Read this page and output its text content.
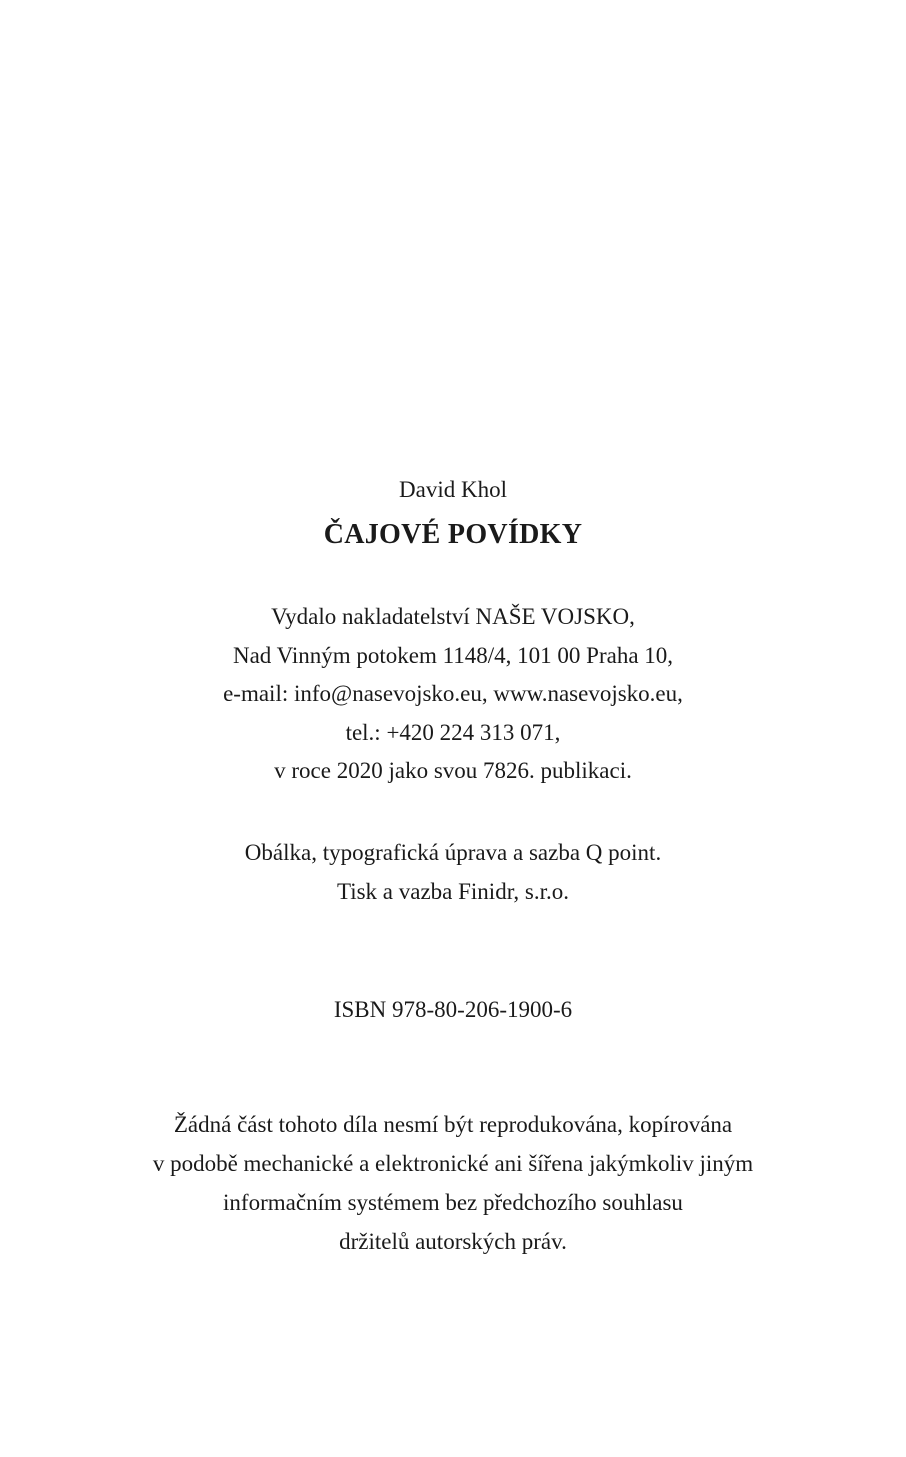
David Khol
ČAJOVÉ POVÍDKY
Vydalo nakladatelství NAŠE VOJSKO,
Nad Vinným potokem 1148/4, 101 00 Praha 10,
e-mail: info@nasevojsko.eu, www.nasevojsko.eu,
tel.: +420 224 313 071,
v roce 2020 jako svou 7826. publikaci.
Obálka, typografická úprava a sazba Q point.
Tisk a vazba Finidr, s.r.o.
ISBN 978-80-206-1900-6
Žádná část tohoto díla nesmí být reprodukována, kopírována
v podobě mechanické a elektronické ani šířena jakýmkoliv jiným
informačním systémem bez předchozího souhlasu
držitelů autorských práv.
